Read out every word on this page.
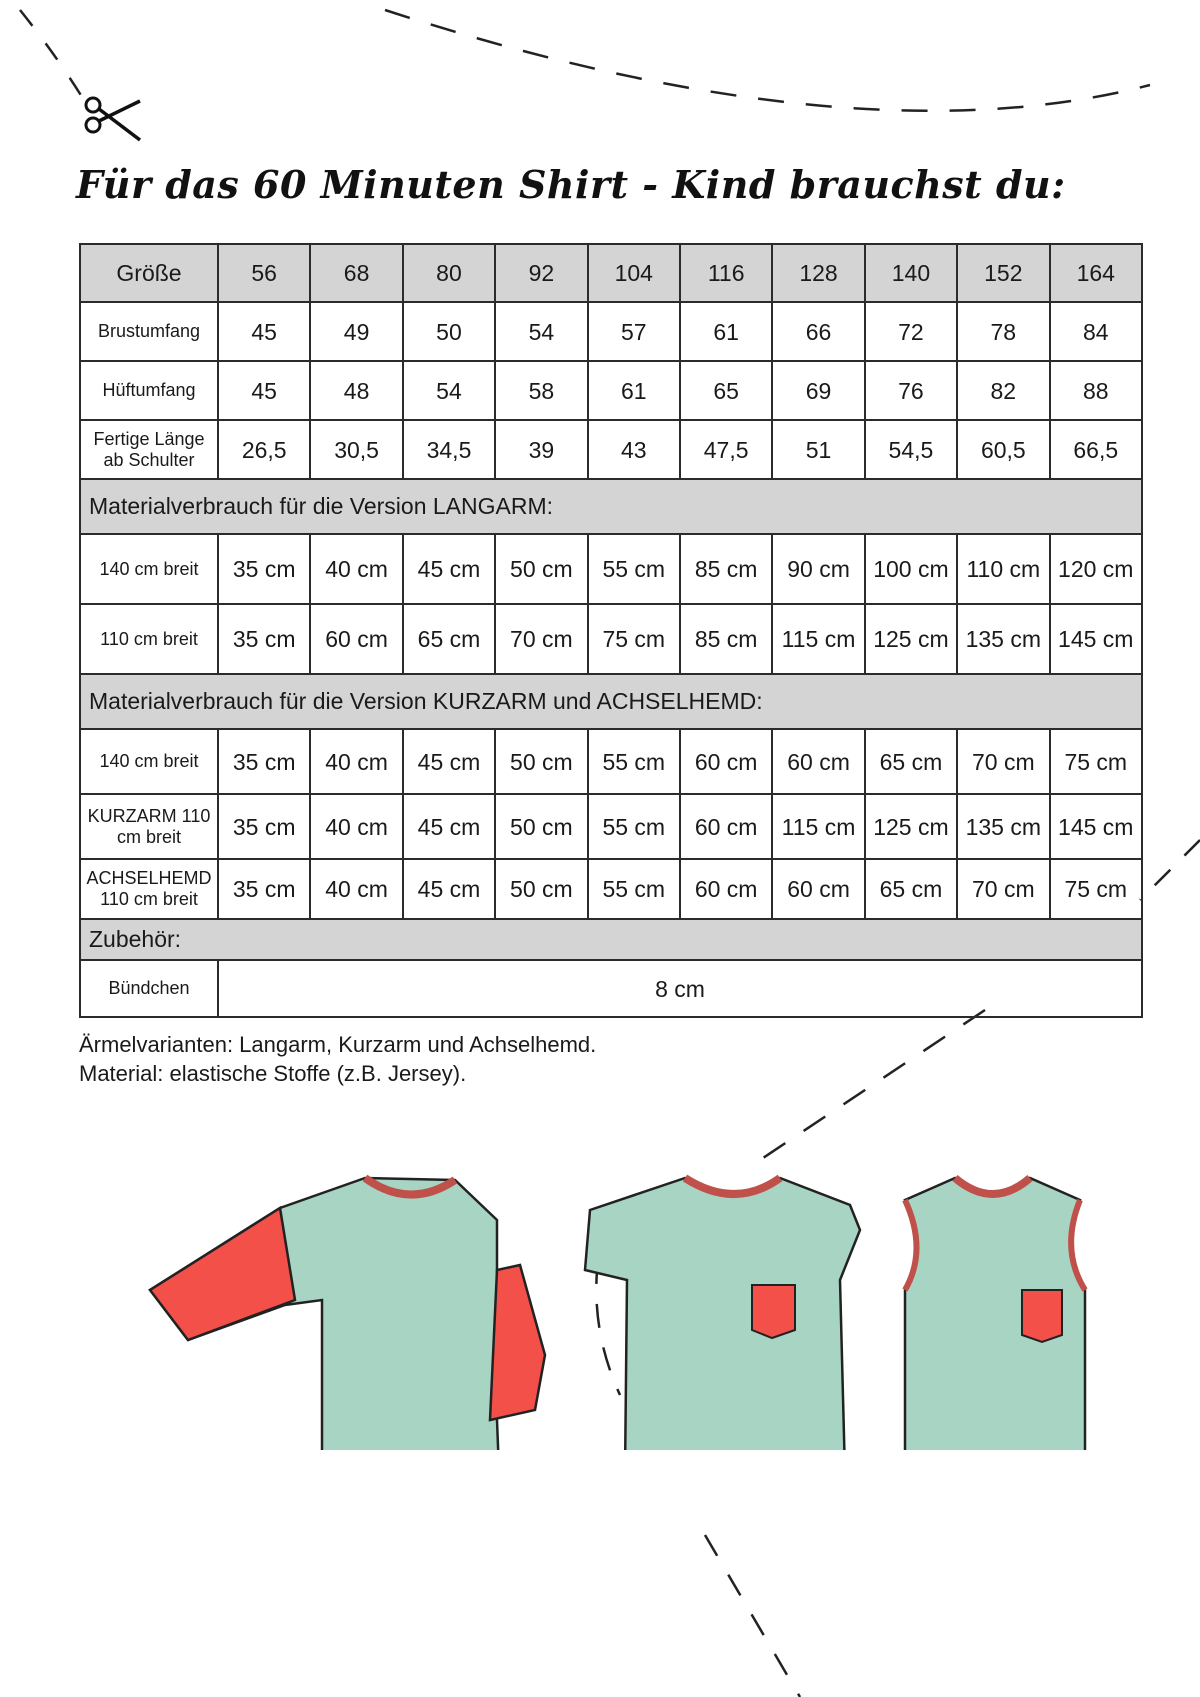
Für das 60 Minuten Shirt - Kind brauchst du:
Größe	56	68	80	92	104	116	128	140	152	164
Brustumfang	45	49	50	54	57	61	66	72	78	84
Hüftumfang	45	48	54	58	61	65	69	76	82	88
Fertige Länge ab Schulter	26,5	30,5	34,5	39	43	47,5	51	54,5	60,5	66,5
Materialverbrauch für die Version LANGARM:										
140 cm breit	35 cm	40 cm	45 cm	50 cm	55 cm	85 cm	90 cm	100 cm	110 cm	120 cm
110 cm breit	35 cm	60 cm	65 cm	70 cm	75 cm	85 cm	115 cm	125 cm	135 cm	145 cm
Materialverbrauch für die Version KURZARM und ACHSELHEMD:										
140 cm breit	35 cm	40 cm	45 cm	50 cm	55 cm	60 cm	60 cm	65 cm	70 cm	75 cm
KURZARM 110 cm breit	35 cm	40 cm	45 cm	50 cm	55 cm	60 cm	115 cm	125 cm	135 cm	145 cm
ACHSELHEMD 110 cm breit	35 cm	40 cm	45 cm	50 cm	55 cm	60 cm	60 cm	65 cm	70 cm	75 cm
Zubehör:										
Bündchen	8 cm									
Ärmelvarianten: Langarm, Kurzarm und Achselhemd.
Material: elastische Stoffe (z.B. Jersey).
